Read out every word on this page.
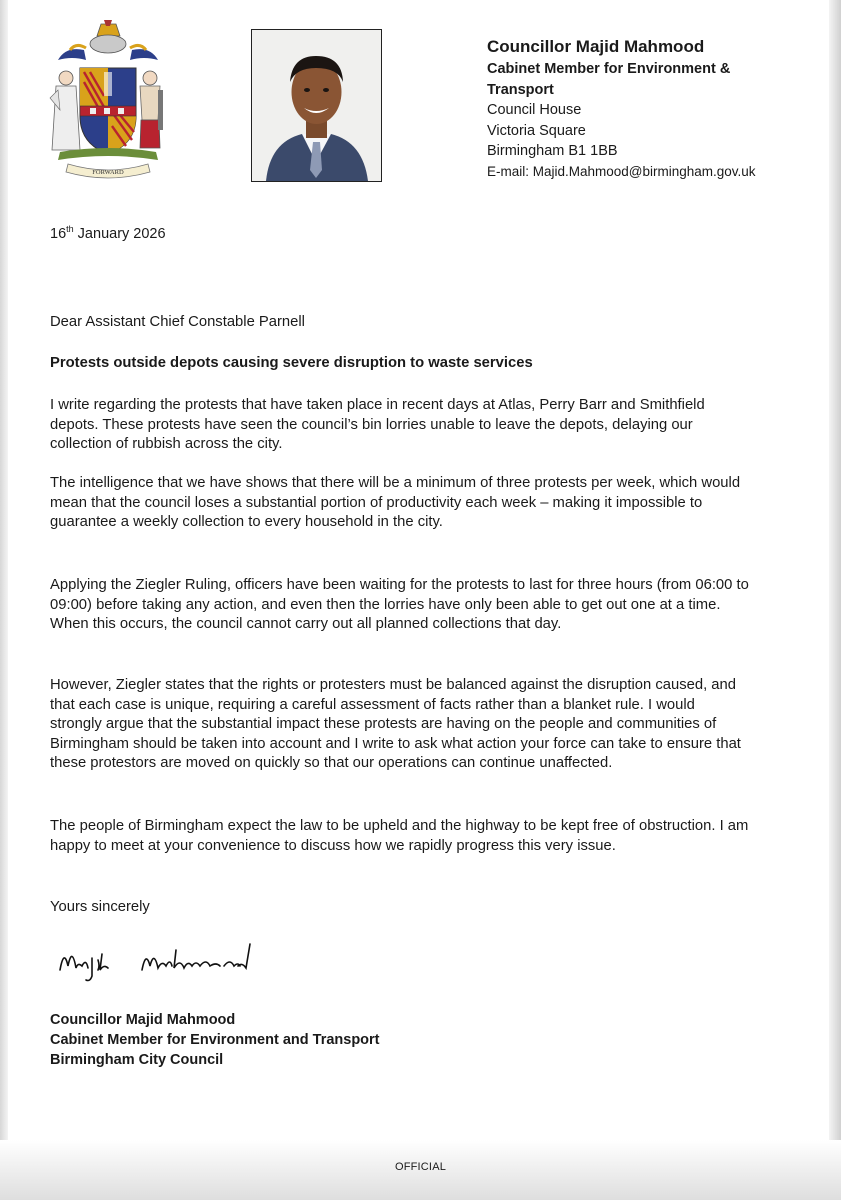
FORWARD
Councillor Majid Mahmood
Cabinet Member for Environment &
Transport
Council House
Victoria Square
Birmingham B1 1BB
E-mail: Majid.Mahmood@birmingham.gov.uk
16th January 2026

Dear Assistant Chief Constable Parnell

Protests outside depots causing severe disruption to waste services

I write regarding the protests that have taken place in recent days at Atlas, Perry Barr and Smithfield depots. These protests have seen the council’s bin lorries unable to leave the depots, delaying our collection of rubbish across the city.

The intelligence that we have shows that there will be a minimum of three protests per week, which would mean that the council loses a substantial portion of productivity each week – making it impossible to guarantee a weekly collection to every household in the city.

Applying the Ziegler Ruling, officers have been waiting for the protests to last for three hours (from 06:00 to 09:00) before taking any action, and even then the lorries have only been able to get out one at a time. When this occurs, the council cannot carry out all planned collections that day.

However, Ziegler states that the rights or protesters must be balanced against the disruption caused, and that each case is unique, requiring a careful assessment of facts rather than a blanket rule. I would strongly argue that the substantial impact these protests are having on the people and communities of Birmingham should be taken into account and I write to ask what action your force can take to ensure that these protestors are moved on quickly so that our operations can continue unaffected.

The people of Birmingham expect the law to be upheld and the highway to be kept free of obstruction. I am happy to meet at your convenience to discuss how we rapidly progress this very issue.

Yours sincerely

Councillor Majid Mahmood
Cabinet Member for Environment and Transport
Birmingham City Council
OFFICIAL
